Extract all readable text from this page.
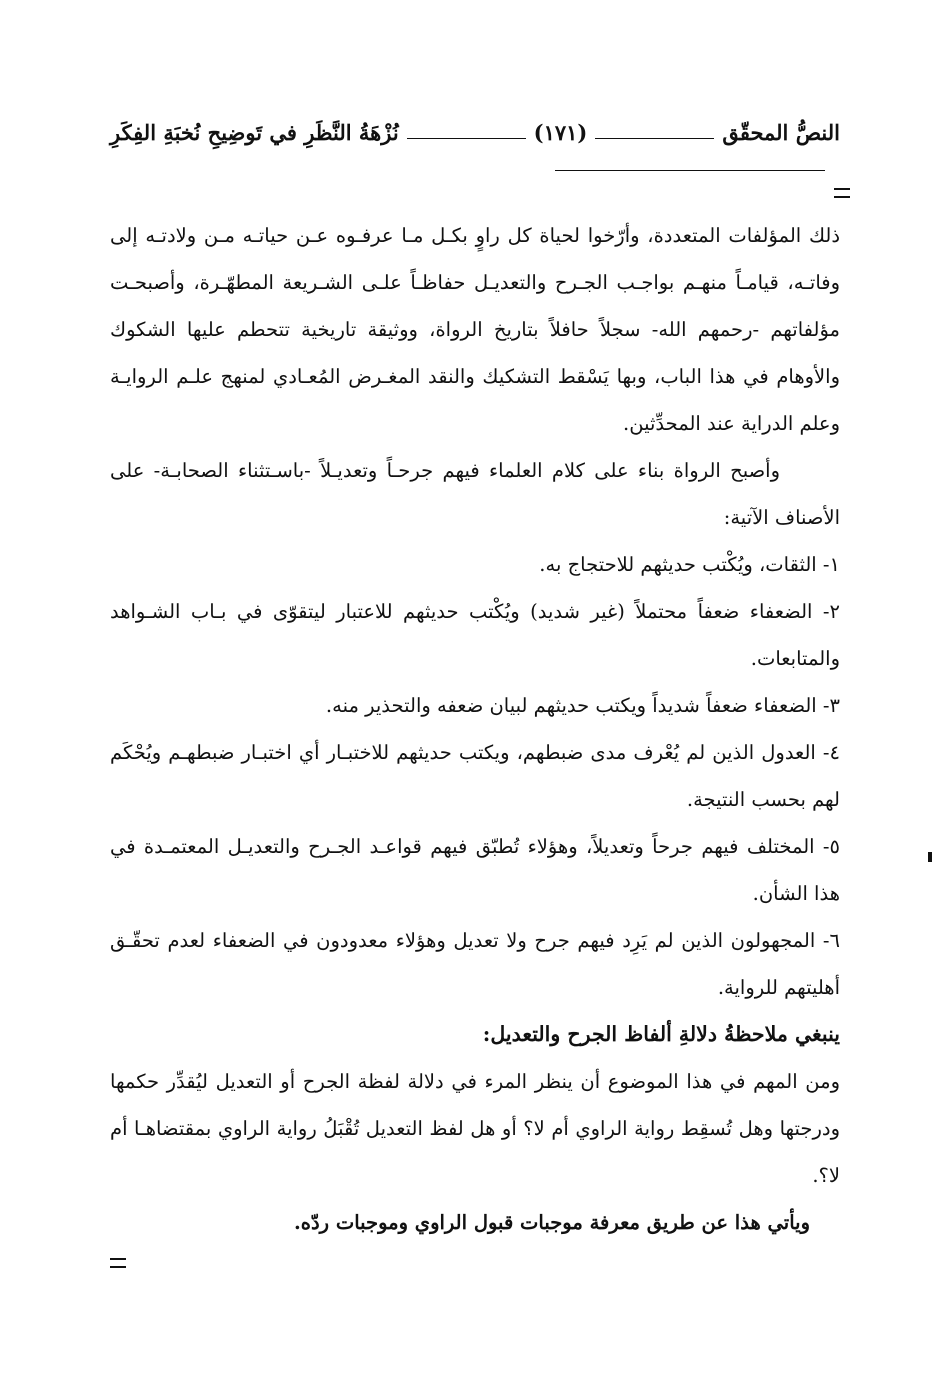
النصُّ المحقّق
(١٧١)
نُزْهَةُ النَّظَرِ في تَوضِيحِ نُخبَةِ الفِكَرِ

ذلك المؤلفات المتعددة، وأرّخوا لحياة كل راوٍ بكـل مـا عرفـوه عـن حياتـه مـن ولادتـه إلى وفاتـه، قيامـاً منهـم بواجـب الجـرح والتعديـل حفاظـاً علـى الشـريعة المطهّـرة، وأصبحـت مؤلفاتهم -رحمهم الله- سجلاً حافلاً بتاريخ الرواة، ووثيقة تاريخية تتحطم عليها الشكوك والأوهام في هذا الباب، وبها يَسْقط التشكيك والنقد المغـرض المُعـادي لمنهج علـم الروايـة وعلم الدراية عند المحدِّثين.

وأصبح الرواة بناء على كلام العلماء فيهم جرحـاً وتعديـلاً -باسـتثناء الصحابـة- على الأصناف الآتية:

١- الثقات، ويُكْتب حديثهم للاحتجاج به.

٢- الضعفاء ضعفاً محتملاً (غير شديد) ويُكْتب حديثهم للاعتبار ليتقوّى في بـاب الشـواهد والمتابعات.

٣- الضعفاء ضعفاً شديداً ويكتب حديثهم لبيان ضعفه والتحذير منه.

٤- العدول الذين لم يُعْرف مدى ضبطهم، ويكتب حديثهم للاختبـار أي اختبـار ضبطهـم ويُحْكَم لهم بحسب النتيجة.

٥- المختلف فيهم جرحاً وتعديلاً، وهؤلاء تُطبّق فيهم قواعـد الجـرح والتعديـل المعتمـدة في هذا الشأن.

٦- المجهولون الذين لم يَرِد فيهم جرح ولا تعديل وهؤلاء معدودون في الضعفاء لعدم تحقّـق أهليتهم للرواية.

ينبغي ملاحظةُ دلالةِ ألفاظ الجرح والتعديل:

ومن المهم في هذا الموضوع أن ينظر المرء في دلالة لفظة الجرح أو التعديل ليُقدِّر حكمها ودرجتها وهل تُسقِط رواية الراوي أم لا؟ أو هل لفظ التعديل تُقْبَلُ رواية الراوي بمقتضاهـا أم لا؟.

ويأتي هذا عن طريق معرفة موجبات قبول الراوي وموجبات ردّه.
